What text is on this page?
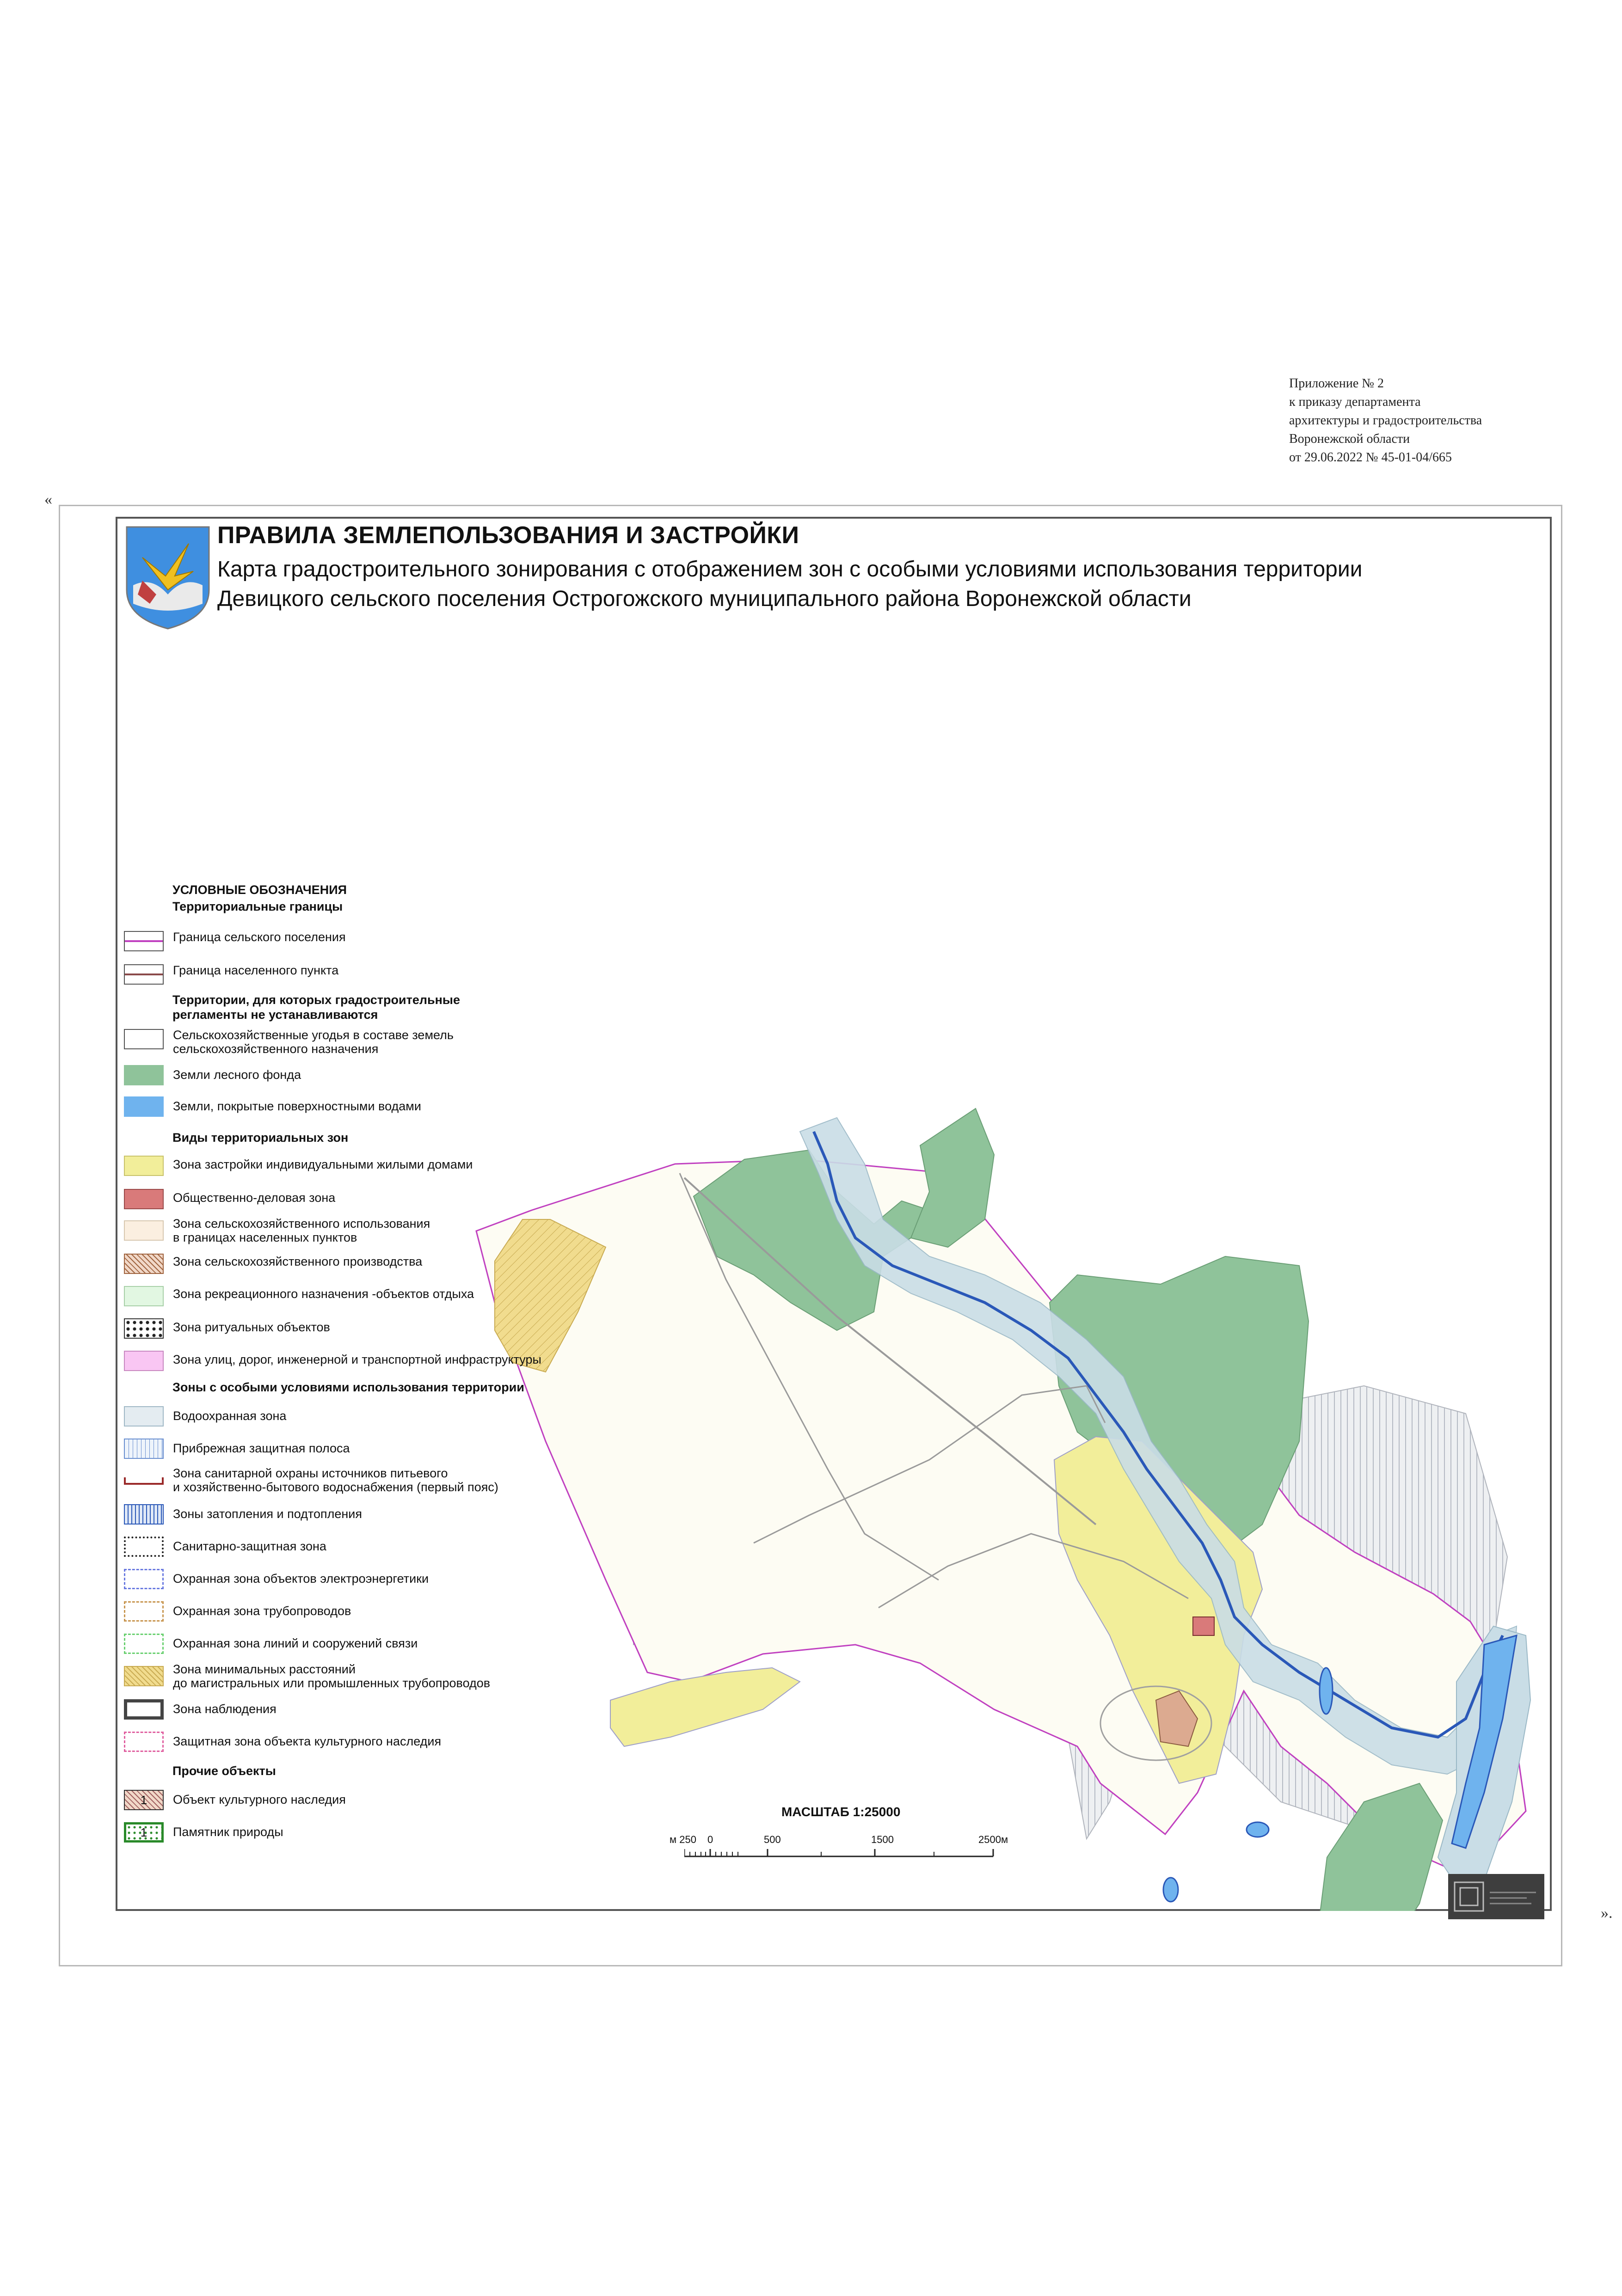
Приложение № 2
к приказу департамента
архитектуры и градостроительства
Воронежской области
от 29.06.2022 № 45-01-04/665
«
».
ПРАВИЛА ЗЕМЛЕПОЛЬЗОВАНИЯ И ЗАСТРОЙКИ
Карта градостроительного зонирования с отображением зон с особыми условиями использования территории
Девицкого сельского поселения Острогожского муниципального района Воронежской области
УСЛОВНЫЕ ОБОЗНАЧЕНИЯ
Территориальные границы
Граница сельского поселения
Граница населенного пункта
Территории, для которых градостроительные
регламенты не устанавливаются
Сельскохозяйственные угодья в составе земель
сельскохозяйственного назначения
Земли лесного фонда
Земли, покрытые поверхностными водами
Виды территориальных зон
Зона застройки индивидуальными жилыми домами
Общественно-деловая зона
Зона сельскохозяйственного использования
в границах населенных пунктов
Зона сельскохозяйственного производства
Зона рекреационного назначения -объектов отдыха
Зона ритуальных объектов
Зона улиц, дорог, инженерной и транспортной инфраструктуры
Зоны с особыми условиями использования территории
Водоохранная зона
Прибрежная защитная полоса
Зона санитарной охраны источников питьевого
и хозяйственно-бытового водоснабжения (первый пояс)
Зоны затопления и подтопления
Санитарно-защитная зона
Охранная зона объектов электроэнергетики
Охранная зона трубопроводов
Охранная зона линий и сооружений связи
Зона минимальных расстояний
до магистральных или промышленных трубопроводов
Зона наблюдения
Защитная зона объекта культурного наследия
Прочие объекты
1	Объект культурного наследия
1	Памятник природы
МАСШТАБ 1:25000
м 250 0	500	1500	2500м
